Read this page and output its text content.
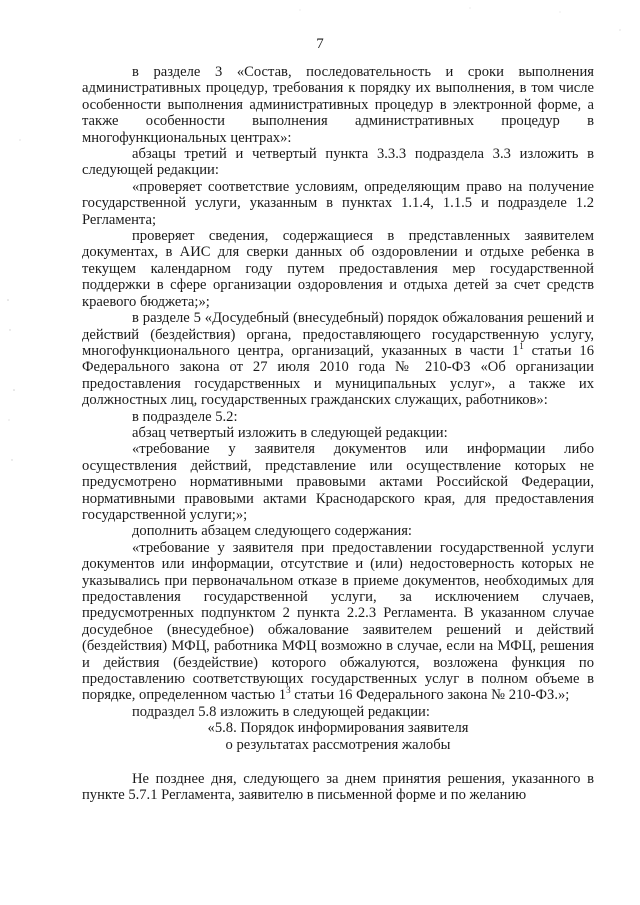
7

в разделе 3 «Состав, последовательность и сроки выполнения административных процедур, требования к порядку их выполнения, в том числе особенности выполнения административных процедур в электронной форме, а также особенности выполнения административных процедур в многофункциональных центрах»:

абзацы третий и четвертый пункта 3.3.3 подраздела 3.3 изложить в следующей редакции:

«проверяет соответствие условиям, определяющим право на получение государственной услуги, указанным в пунктах 1.1.4, 1.1.5 и подразделе 1.2 Регламента;

проверяет сведения, содержащиеся в представленных заявителем документах, в АИС для сверки данных об оздоровлении и отдыхе ребенка в текущем календарном году путем предоставления мер государственной поддержки в сфере организации оздоровления и отдыха детей за счет средств краевого бюджета;»;

в разделе 5 «Досудебный (внесудебный) порядок обжалования решений и действий (бездействия) органа, предоставляющего государственную услугу, многофункционального центра, организаций, указанных в части $1^1$ статьи 16 Федерального закона от 27 июля 2010 года № 210-ФЗ «Об организации предоставления государственных и муниципальных услуг», а также их должностных лиц, государственных гражданских служащих, работников»:

в подразделе 5.2:

абзац четвертый изложить в следующей редакции:

«требование у заявителя документов или информации либо осуществления действий, представление или осуществление которых не предусмотрено нормативными правовыми актами Российской Федерации, нормативными правовыми актами Краснодарского края, для предоставления государственной услуги;»;

дополнить абзацем следующего содержания:

«требование у заявителя при предоставлении государственной услуги документов или информации, отсутствие и (или) недостоверность которых не указывались при первоначальном отказе в приеме документов, необходимых для предоставления государственной услуги, за исключением случаев, предусмотренных подпунктом 2 пункта 2.2.3 Регламента. В указанном случае досудебное (внесудебное) обжалование заявителем решений и действий (бездействия) МФЦ, работника МФЦ возможно в случае, если на МФЦ, решения и действия (бездействие) которого обжалуются, возложена функция по предоставлению соответствующих государственных услуг в полном объеме в порядке, определенном частью $1^3$ статьи 16 Федерального закона № 210-ФЗ.»;

подраздел 5.8 изложить в следующей редакции:

«5.8. Порядок информирования заявителя

о результатах рассмотрения жалобы

Не позднее дня, следующего за днем принятия решения, указанного в пункте 5.7.1 Регламента, заявителю в письменной форме и по желанию
